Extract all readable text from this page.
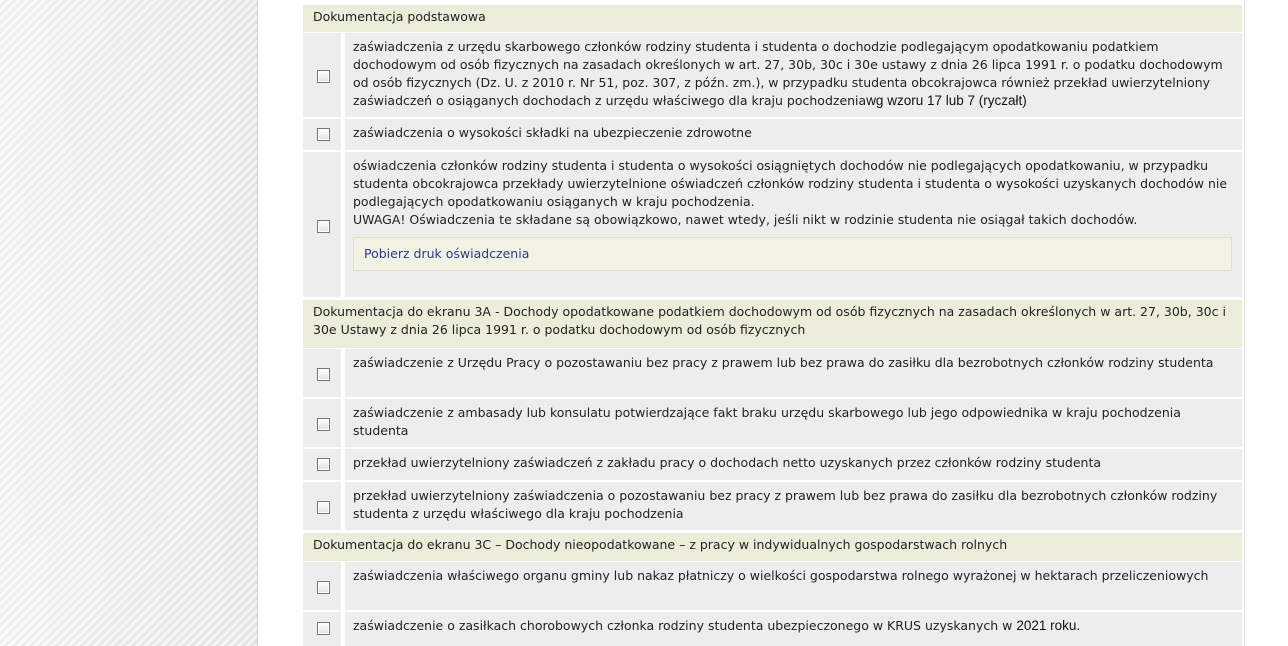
Dokumentacja podstawowa
zaświadczenia z urzędu skarbowego członków rodziny studenta i studenta o dochodzie podlegającym opodatkowaniu podatkiem dochodowym od osób fizycznych na zasadach określonych w art. 27, 30b, 30c i 30e ustawy z dnia 26 lipca 1991 r. o podatku dochodowym od osób fizycznych (Dz. U. z 2010 r. Nr 51, poz. 307, z późn. zm.), w przypadku studenta obcokrajowca również przekład uwierzytelniony zaświadczeń o osiąganych dochodach z urzędu właściwego dla kraju pochodzeniawg wzoru 17 lub 7 (ryczałt)
zaświadczenia o wysokości składki na ubezpieczenie zdrowotne
oświadczenia członków rodziny studenta i studenta o wysokości osiągniętych dochodów nie podlegających opodatkowaniu, w przypadku studenta obcokrajowca przekłady uwierzytelnione oświadczeń członków rodziny studenta i studenta o wysokości uzyskanych dochodów nie podlegających opodatkowaniu osiąganych w kraju pochodzenia.
UWAGA! Oświadczenia te składane są obowiązkowo, nawet wtedy, jeśli nikt w rodzinie studenta nie osiągał takich dochodów.
Pobierz druk oświadczenia
Dokumentacja do ekranu 3A - Dochody opodatkowane podatkiem dochodowym od osób fizycznych na zasadach określonych w art. 27, 30b, 30c i 30e Ustawy z dnia 26 lipca 1991 r. o podatku dochodowym od osób fizycznych
zaświadczenie z Urzędu Pracy o pozostawaniu bez pracy z prawem lub bez prawa do zasiłku dla bezrobotnych członków rodziny studenta
zaświadczenie z ambasady lub konsulatu potwierdzające fakt braku urzędu skarbowego lub jego odpowiednika w kraju pochodzenia studenta
przekład uwierzytelniony zaświadczeń z zakładu pracy o dochodach netto uzyskanych przez członków rodziny studenta
przekład uwierzytelniony zaświadczenia o pozostawaniu bez pracy z prawem lub bez prawa do zasiłku dla bezrobotnych członków rodziny studenta z urzędu właściwego dla kraju pochodzenia
Dokumentacja do ekranu 3C – Dochody nieopodatkowane – z pracy w indywidualnych gospodarstwach rolnych
zaświadczenia właściwego organu gminy lub nakaz płatniczy o wielkości gospodarstwa rolnego wyrażonej w hektarach przeliczeniowych
zaświadczenie o zasiłkach chorobowych członka rodziny studenta ubezpieczonego w KRUS uzyskanych w 2021 roku.
